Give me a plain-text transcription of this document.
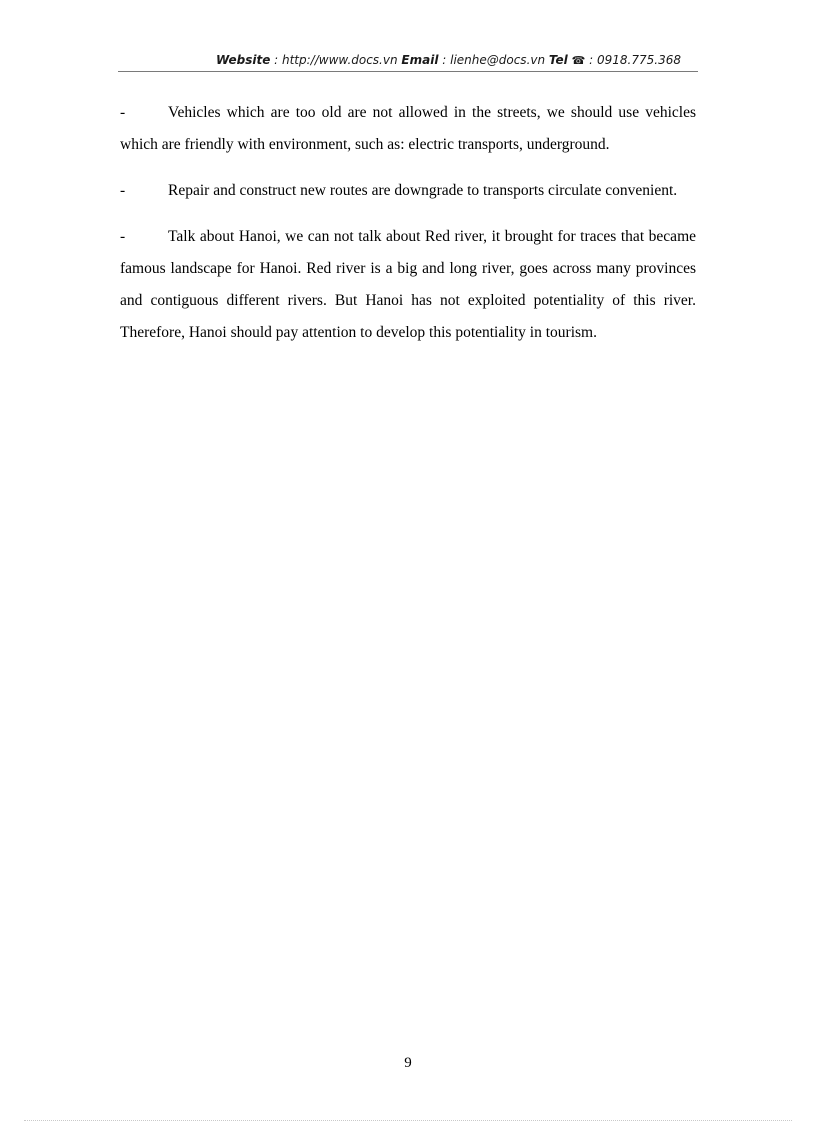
Website : http://www.docs.vn Email : lienhe@docs.vn Tel ☎ : 0918.775.368

-	Vehicles which are too old are not allowed in the streets, we should use vehicles which are friendly with environment, such as: electric transports, underground.

-	Repair and construct new routes are downgrade to transports circulate convenient.

-	Talk about Hanoi, we can not talk about Red river, it brought for traces that became famous landscape for Hanoi. Red river is a big and long river, goes across many provinces and contiguous different rivers. But Hanoi has not exploited potentiality of this river. Therefore, Hanoi should pay attention to develop this potentiality in tourism.

9
